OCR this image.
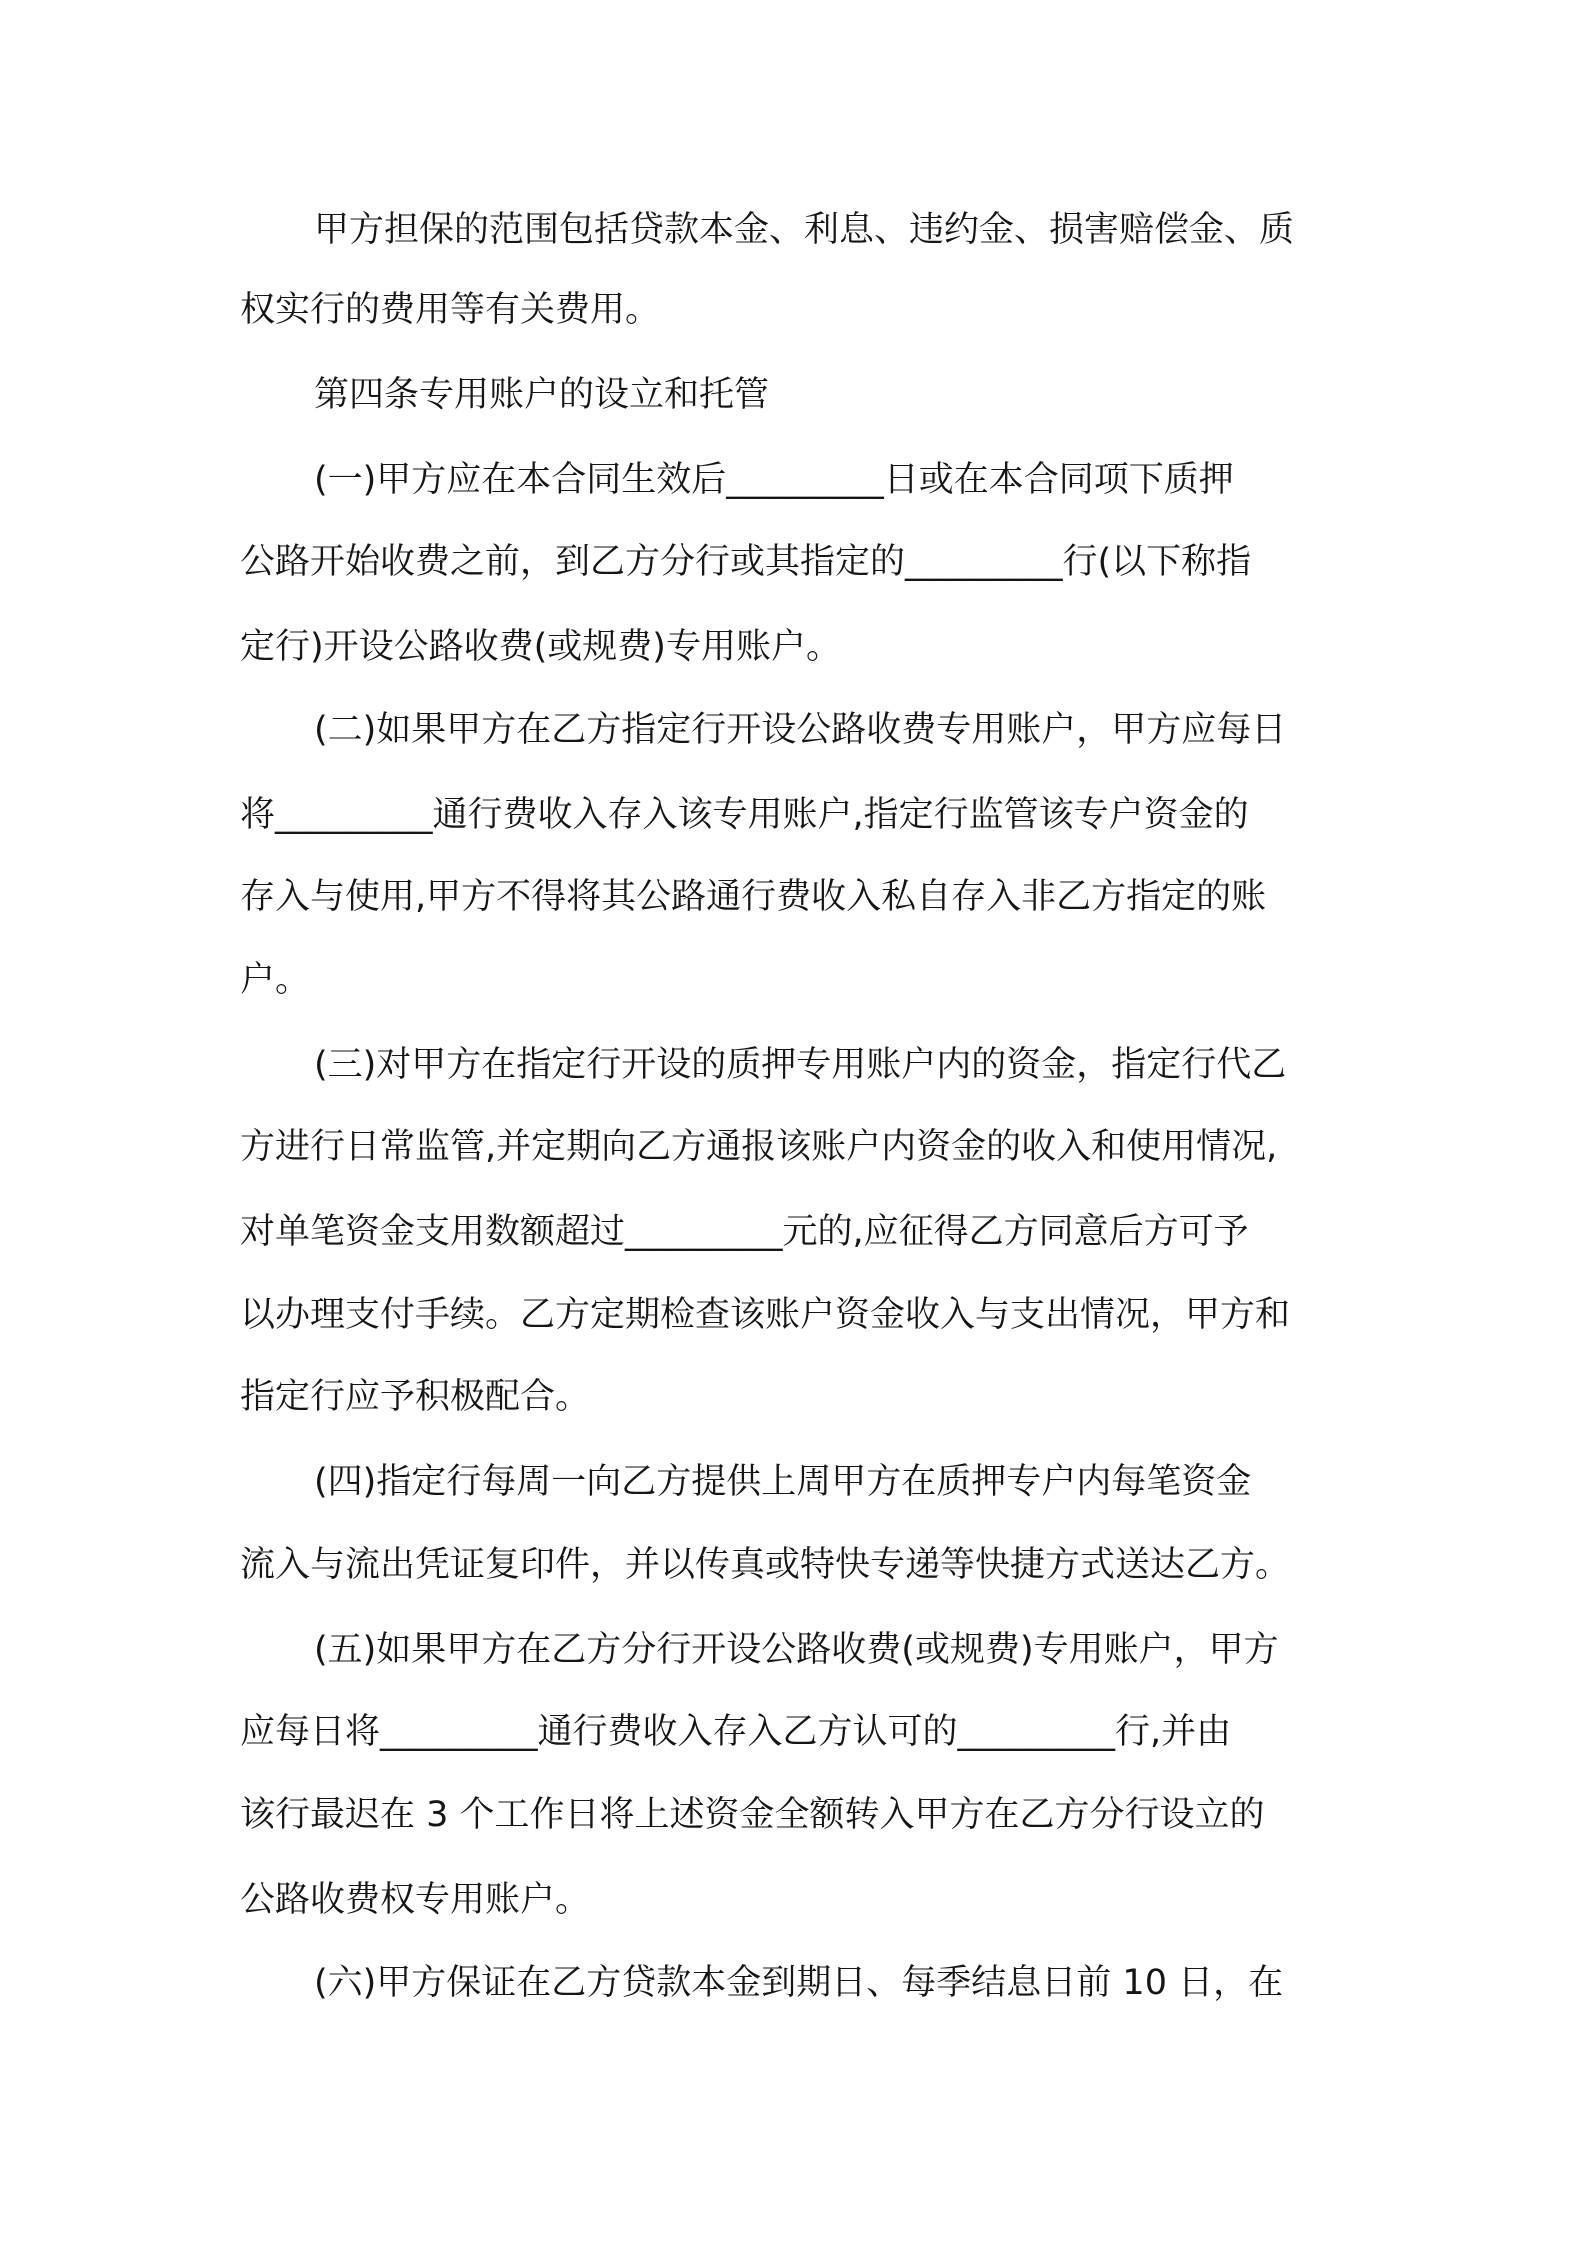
甲方担保的范围包括贷款本金、利息、违约金、损害赔偿金、质
权实行的费用等有关费用。
第四条专用账户的设立和托管
(一)甲方应在本合同生效后_________日或在本合同项下质押
公路开始收费之前，到乙方分行或其指定的_________行(以下称指
定行)开设公路收费(或规费)专用账户。
(二)如果甲方在乙方指定行开设公路收费专用账户，甲方应每日
将_________通行费收入存入该专用账户,指定行监管该专户资金的
存入与使用,甲方不得将其公路通行费收入私自存入非乙方指定的账
户。
(三)对甲方在指定行开设的质押专用账户内的资金，指定行代乙
方进行日常监管,并定期向乙方通报该账户内资金的收入和使用情况,
对单笔资金支用数额超过_________元的,应征得乙方同意后方可予
以办理支付手续。乙方定期检查该账户资金收入与支出情况，甲方和
指定行应予积极配合。
(四)指定行每周一向乙方提供上周甲方在质押专户内每笔资金
流入与流出凭证复印件，并以传真或特快专递等快捷方式送达乙方。
(五)如果甲方在乙方分行开设公路收费(或规费)专用账户，甲方
应每日将_________通行费收入存入乙方认可的_________行,并由
该行最迟在 3 个工作日将上述资金全额转入甲方在乙方分行设立的
公路收费权专用账户。
(六)甲方保证在乙方贷款本金到期日、每季结息日前 10 日，在
